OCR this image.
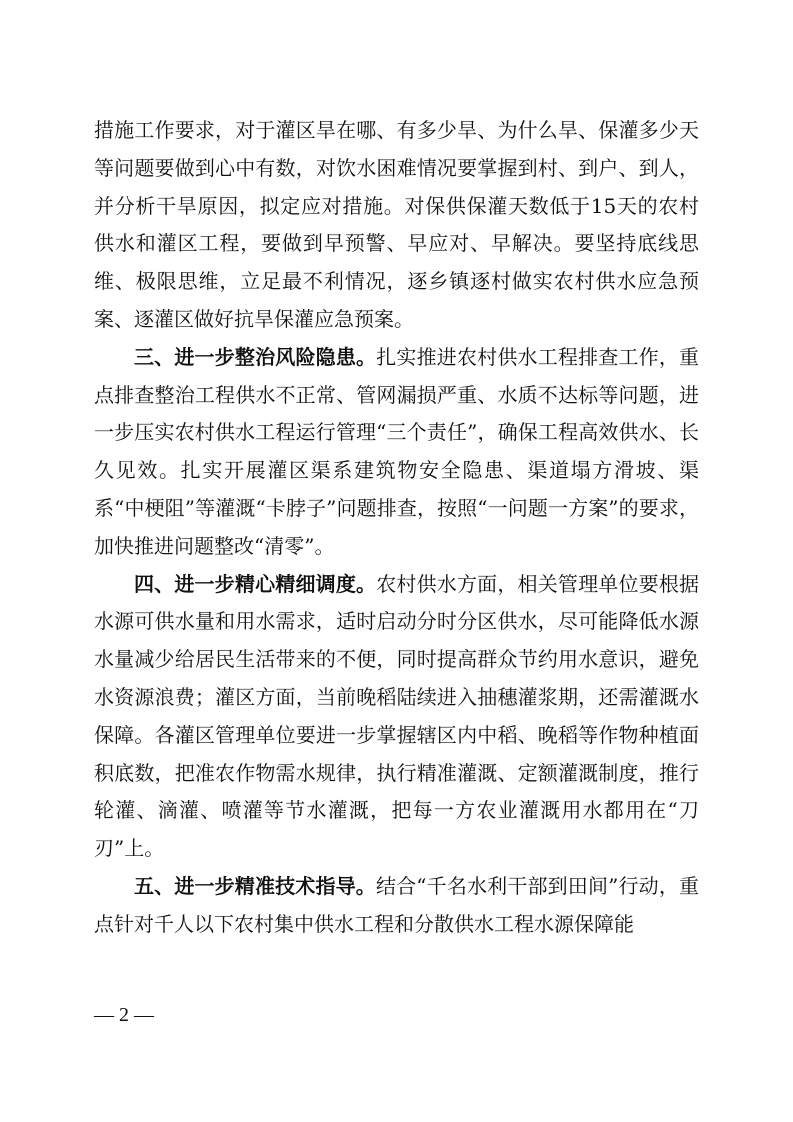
措施工作要求，对于灌区旱在哪、有多少旱、为什么旱、保灌多少天等问题要做到心中有数，对饮水困难情况要掌握到村、到户、到人，并分析干旱原因，拟定应对措施。对保供保灌天数低于15天的农村供水和灌区工程，要做到早预警、早应对、早解决。要坚持底线思维、极限思维，立足最不利情况，逐乡镇逐村做实农村供水应急预案、逐灌区做好抗旱保灌应急预案。

三、进一步整治风险隐患。扎实推进农村供水工程排查工作，重点排查整治工程供水不正常、管网漏损严重、水质不达标等问题，进一步压实农村供水工程运行管理“三个责任”，确保工程高效供水、长久见效。扎实开展灌区渠系建筑物安全隐患、渠道塌方滑坡、渠系“中梗阻”等灌溉“卡脖子”问题排查，按照“一问题一方案”的要求，加快推进问题整改“清零”。

四、进一步精心精细调度。农村供水方面，相关管理单位要根据水源可供水量和用水需求，适时启动分时分区供水，尽可能降低水源水量减少给居民生活带来的不便，同时提高群众节约用水意识，避免水资源浪费；灌区方面，当前晚稻陆续进入抽穗灌浆期，还需灌溉水保障。各灌区管理单位要进一步掌握辖区内中稻、晚稻等作物种植面积底数，把准农作物需水规律，执行精准灌溉、定额灌溉制度，推行轮灌、滴灌、喷灌等节水灌溉，把每一方农业灌溉用水都用在“刀刃”上。

五、进一步精准技术指导。结合“千名水利干部到田间”行动，重点针对千人以下农村集中供水工程和分散供水工程水源保障能

— 2 —
